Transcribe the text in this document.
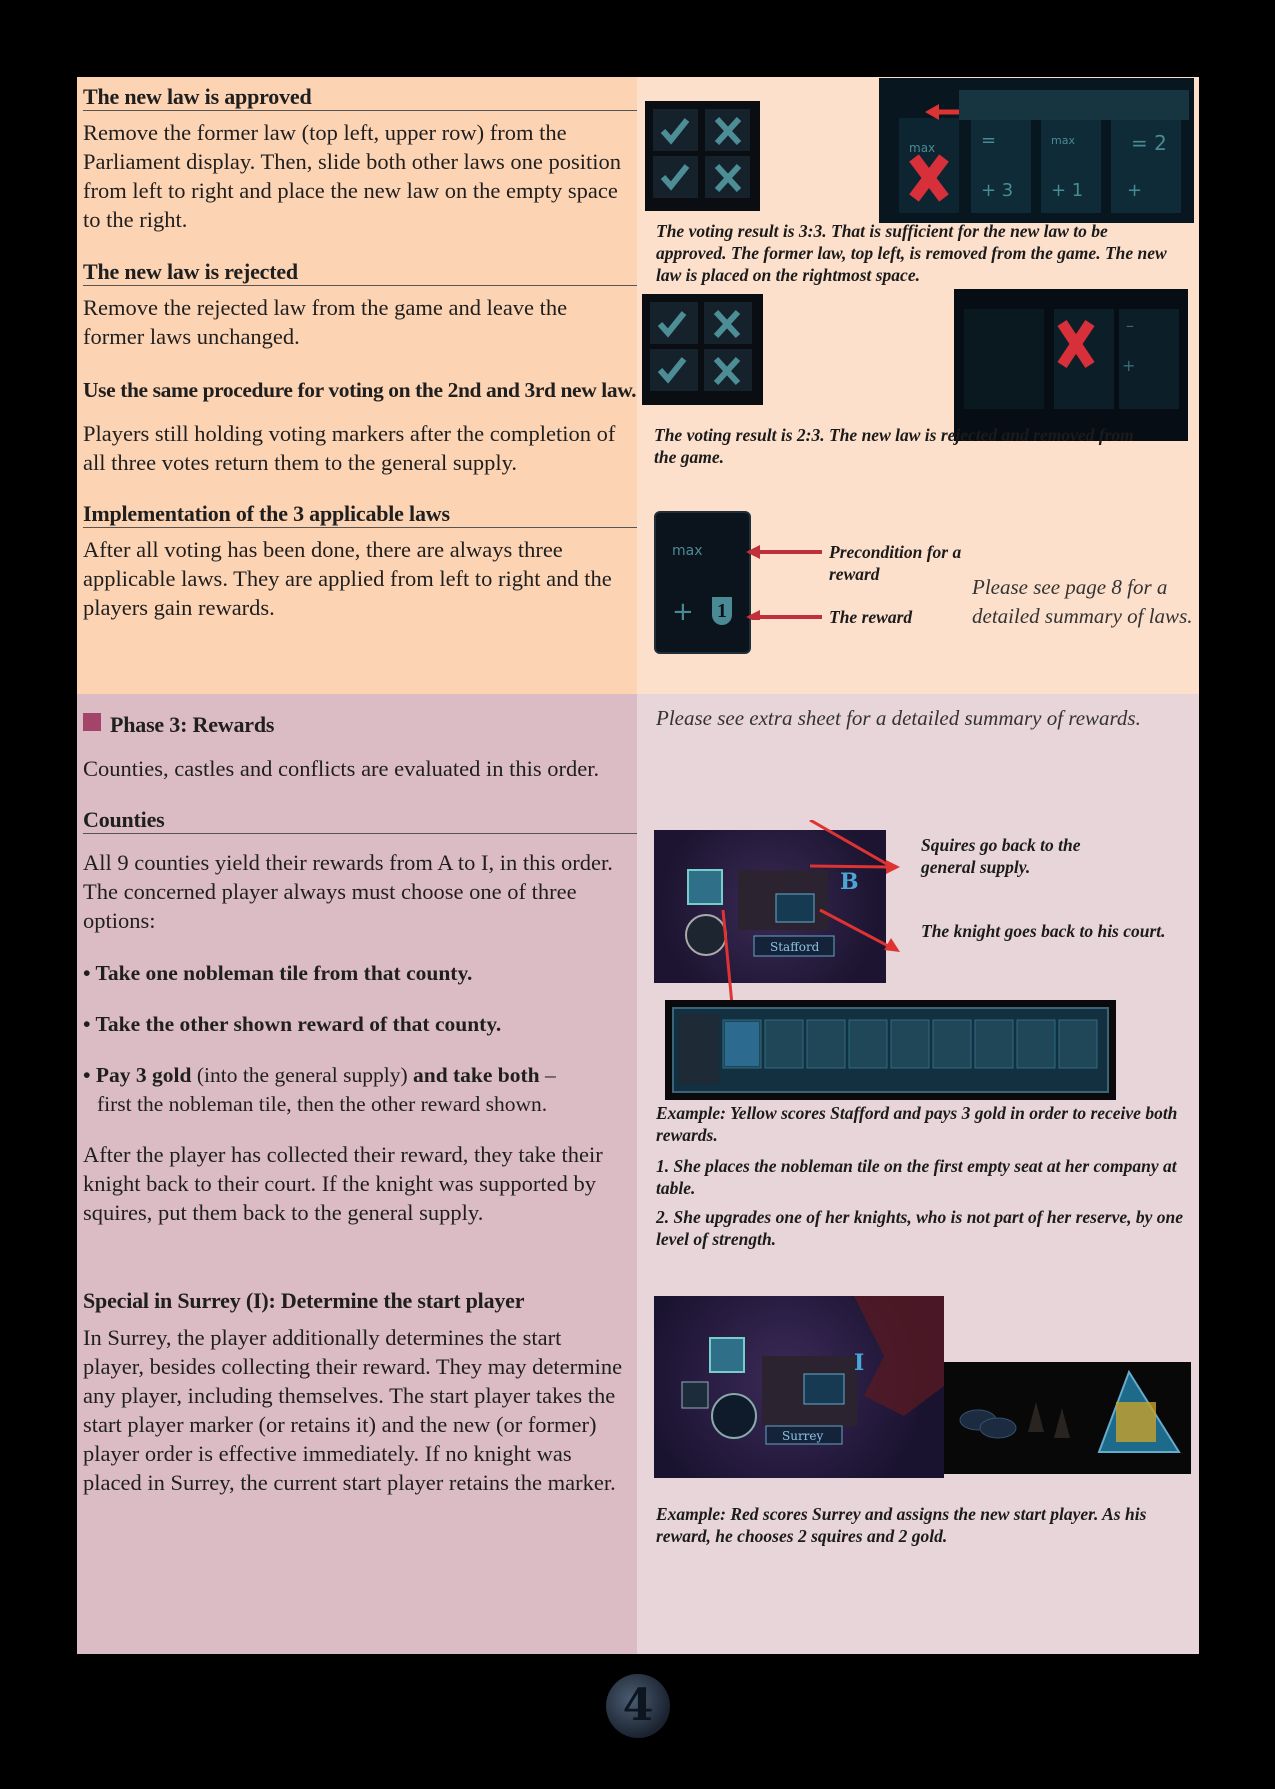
The new law is approved
Remove the former law (top left, upper row) from the Parliament display. Then, slide both other laws one position from left to right and place the new law on the empty space to the right.
The new law is rejected
Remove the rejected law from the game and leave the former laws unchanged.
Use the same procedure for voting on the 2nd and 3rd new law.
Players still holding voting markers after the completion of all three votes return them to the general supply.
Implementation of the 3 applicable laws
After all voting has been done, there are always three applicable laws. They are applied from left to right and the players gain rewards.
max	=	max	= 2
+ 3 + 1 +
The voting result is 3:3. That is sufficient for the new law to be approved. The former law, top left, is removed from the game. The new law is placed on the rightmost space.
–
+
The voting result is 2:3. The new law is rejected and removed from the game.
max
+ 1
Precondition for a reward
The reward
Please see page 8 for a detailed summary of laws.
Phase 3: Rewards
Counties, castles and conflicts are evaluated in this order.
Counties
All 9 counties yield their rewards from A to I, in this order. The concerned player always must choose one of three options:
• Take one nobleman tile from that county.
• Take the other shown reward of that county.
• Pay 3 gold (into the general supply) and take both –
first the nobleman tile, then the other reward shown.
After the player has collected their reward, they take their knight back to their court. If the knight was supported by squires, put them back to the general supply.
Special in Surrey (I): Determine the start player
In Surrey, the player additionally determines the start player, besides collecting their reward. They may determine any player, including themselves. The start player takes the start player marker (or retains it) and the new (or former) player order is effective immediately. If no knight was placed in Surrey, the current start player retains the marker.
Please see extra sheet for a detailed summary of rewards.
B
Stafford
Squires go back to the general supply.
The knight goes back to his court.
Example: Yellow scores Stafford and pays 3 gold in order to receive both rewards.
1. She places the nobleman tile on the first empty seat at her company at table.
2. She upgrades one of her knights, who is not part of her reserve, by one level of strength.
I
Surrey
Example: Red scores Surrey and assigns the new start player. As his reward, he chooses 2 squires and 2 gold.
4
